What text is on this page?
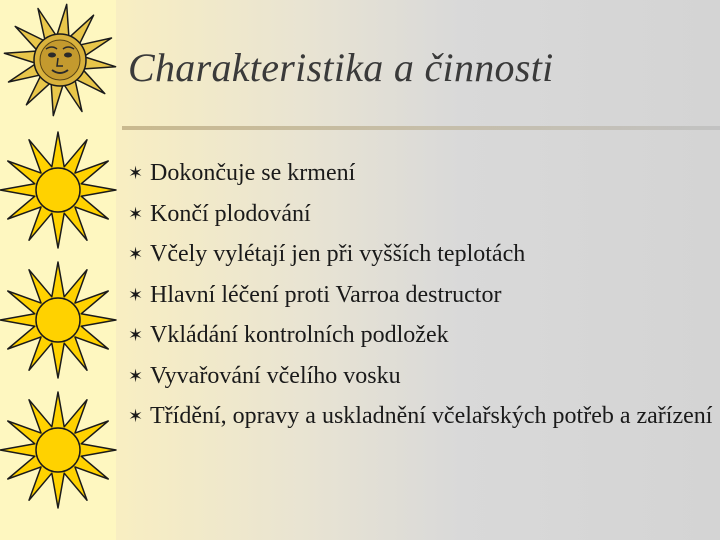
Charakteristika a činnosti
✶ Dokončuje se krmení
✶ Končí plodování
✶ Včely vylétají jen při vyšších teplotách
✶ Hlavní léčení proti Varroa destructor
✶ Vkládání kontrolních podložek
✶ Vyvařování včelího vosku
✶ Třídění, opravy a uskladnění včelařských potřeb a zařízení
